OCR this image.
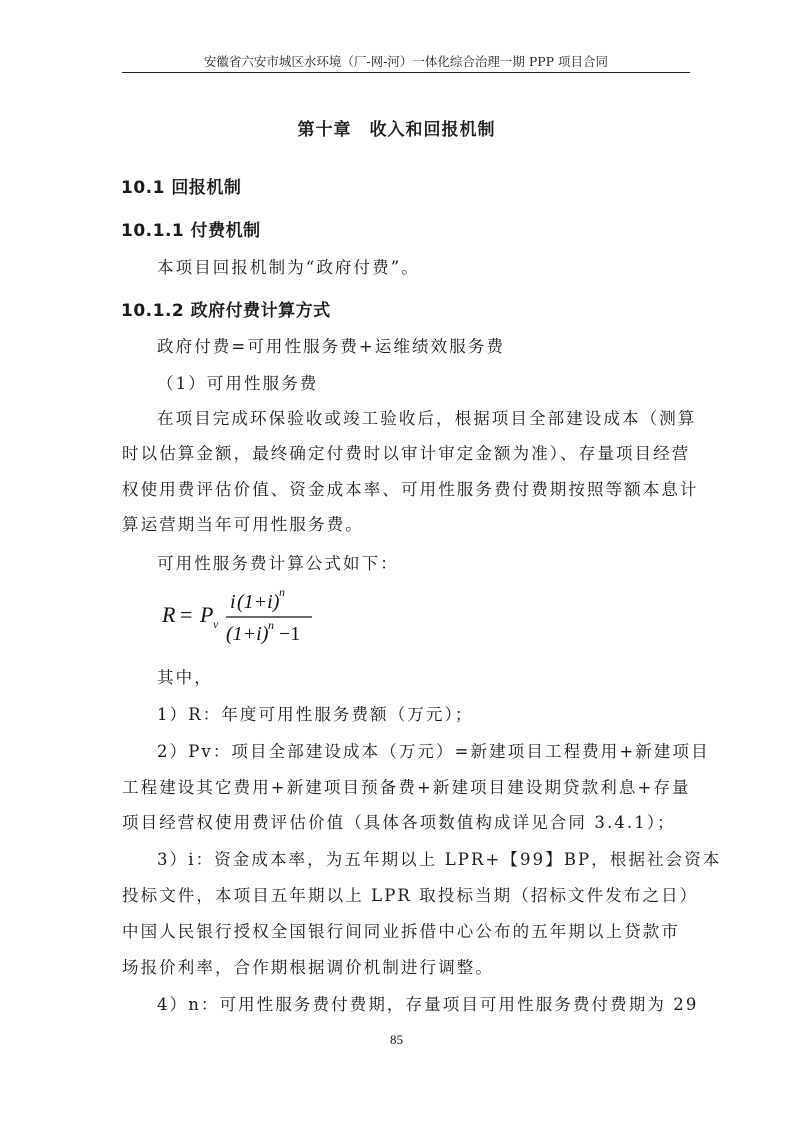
安徽省六安市城区水环境（厂-网-河）一体化综合治理一期 PPP 项目合同
第十章　收入和回报机制
10.1 回报机制
10.1.1 付费机制
本项目回报机制为“政府付费”。
10.1.2 政府付费计算方式
政府付费=可用性服务费+运维绩效服务费
（1）可用性服务费
在项目完成环保验收或竣工验收后，根据项目全部建设成本（测算
时以估算金额，最终确定付费时以审计审定金额为准）、存量项目经营
权使用费评估价值、资金成本率、可用性服务费付费期按照等额本息计
算运营期当年可用性服务费。
可用性服务费计算公式如下：
R = P v
i (1+i) n
(1+i) n −1
其中，
1）R：年度可用性服务费额（万元）；
2）Pv：项目全部建设成本（万元）=新建项目工程费用+新建项目
工程建设其它费用+新建项目预备费+新建项目建设期贷款利息+存量
项目经营权使用费评估价值（具体各项数值构成详见合同 3.4.1）；
3）i：资金成本率，为五年期以上 LPR+【99】BP，根据社会资本
投标文件，本项目五年期以上 LPR 取投标当期（招标文件发布之日）
中国人民银行授权全国银行间同业拆借中心公布的五年期以上贷款市
场报价利率，合作期根据调价机制进行调整。
4）n：可用性服务费付费期，存量项目可用性服务费付费期为 29
85
